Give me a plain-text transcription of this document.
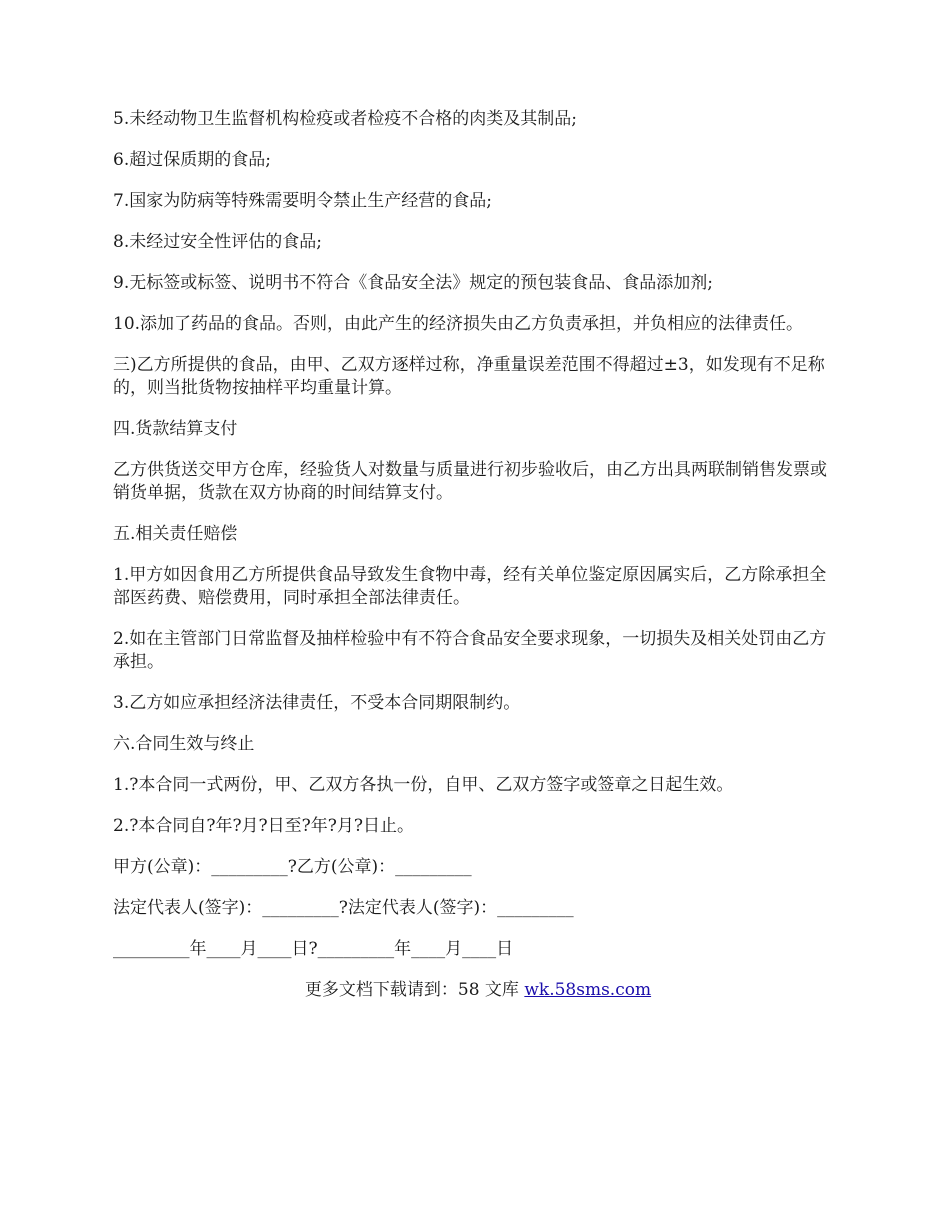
5.未经动物卫生监督机构检疫或者检疫不合格的肉类及其制品;

6.超过保质期的食品;

7.国家为防病等特殊需要明令禁止生产经营的食品;

8.未经过安全性评估的食品;

9.无标签或标签、说明书不符合《食品安全法》规定的预包装食品、食品添加剂;

10.添加了药品的食品。否则，由此产生的经济损失由乙方负责承担，并负相应的法律责任。

三)乙方所提供的食品，由甲、乙双方逐样过称，净重量误差范围不得超过±3，如发现有不足称的，则当批货物按抽样平均重量计算。

四.货款结算支付

乙方供货送交甲方仓库，经验货人对数量与质量进行初步验收后，由乙方出具两联制销售发票或销货单据，货款在双方协商的时间结算支付。

五.相关责任赔偿

1.甲方如因食用乙方所提供食品导致发生食物中毒，经有关单位鉴定原因属实后，乙方除承担全部医药费、赔偿费用，同时承担全部法律责任。

2.如在主管部门日常监督及抽样检验中有不符合食品安全要求现象，一切损失及相关处罚由乙方承担。

3.乙方如应承担经济法律责任，不受本合同期限制约。

六.合同生效与终止

1.?本合同一式两份，甲、乙双方各执一份，自甲、乙双方签字或签章之日起生效。

2.?本合同自?年?月?日至?年?月?日止。

甲方(公章)：_________?乙方(公章)：_________

法定代表人(签字)：_________?法定代表人(签字)：_________

_________年____月____日?_________年____月____日

更多文档下载请到：58 文库 wk.58sms.com
